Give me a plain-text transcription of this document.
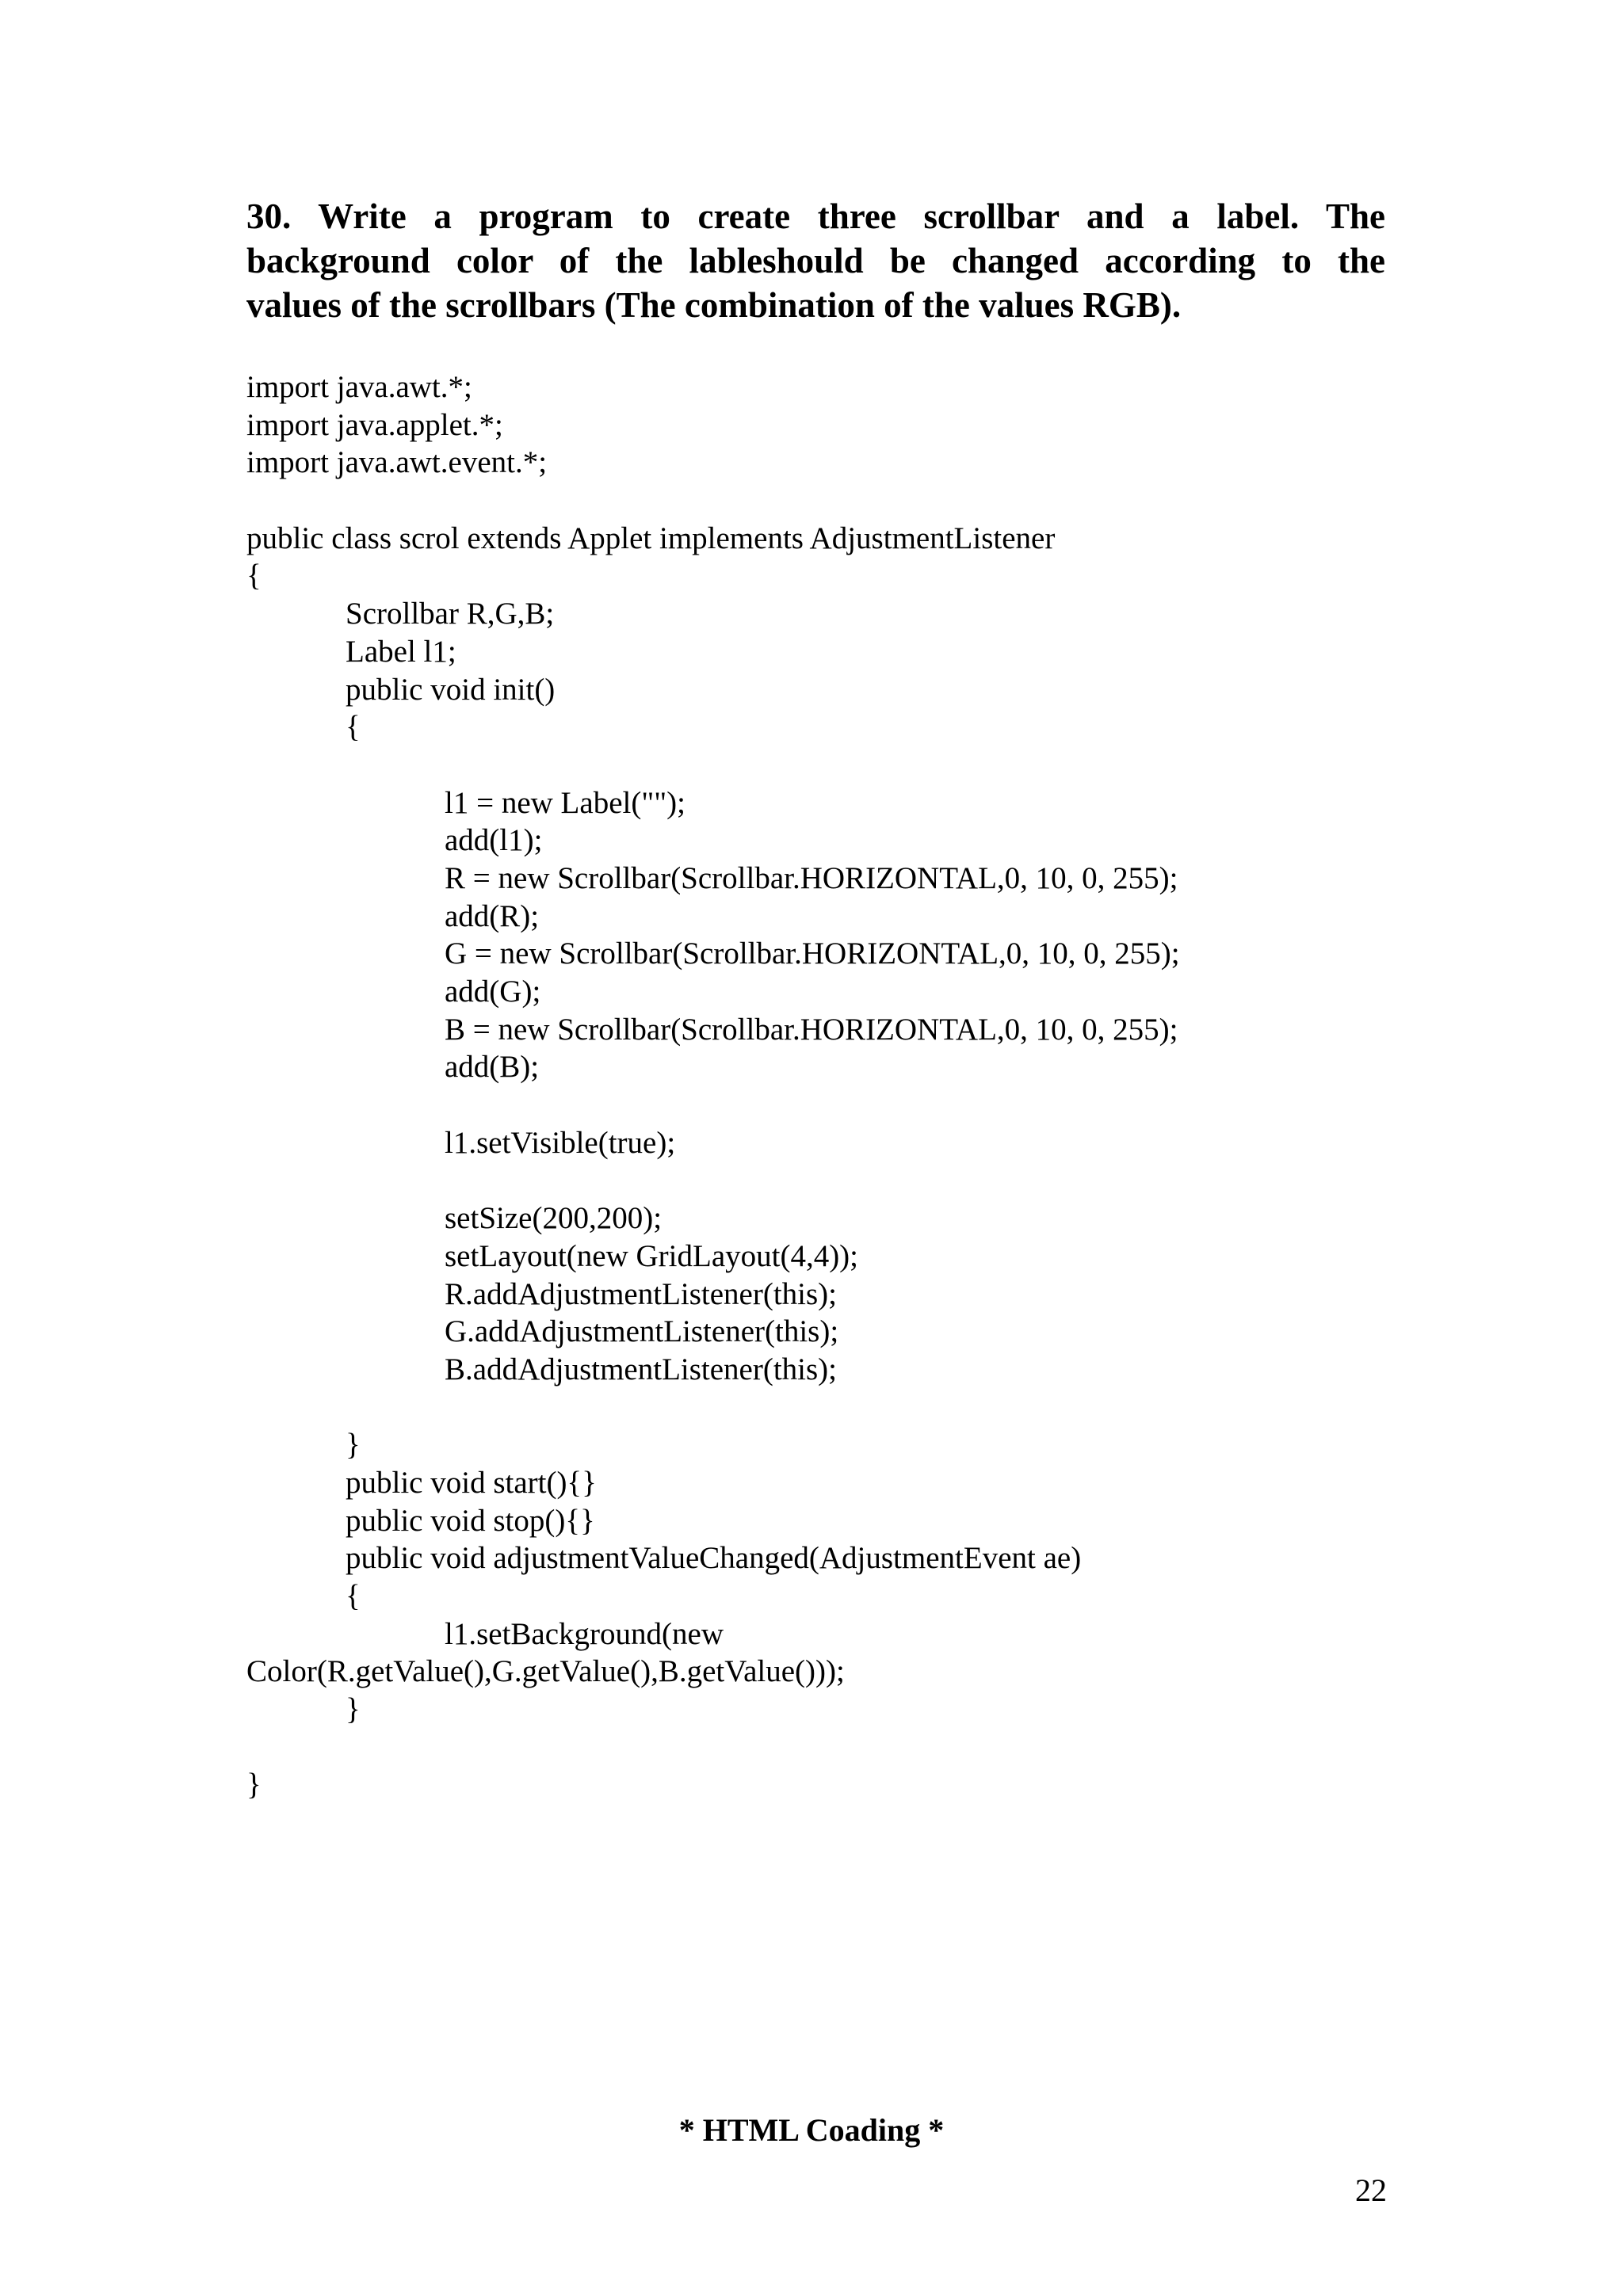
30. Write a program to create three scrollbar and a label. The
background color of the lableshould be changed according to the
values of the scrollbars (The combination of the values RGB).
import java.awt.*;
import java.applet.*;
import java.awt.event.*;
public class scrol extends Applet implements AdjustmentListener
{
Scrollbar R,G,B;
Label l1;
public void init()
{
l1 = new Label("");
add(l1);
R = new Scrollbar(Scrollbar.HORIZONTAL,0, 10, 0, 255);
add(R);
G = new Scrollbar(Scrollbar.HORIZONTAL,0, 10, 0, 255);
add(G);
B = new Scrollbar(Scrollbar.HORIZONTAL,0, 10, 0, 255);
add(B);
l1.setVisible(true);
setSize(200,200);
setLayout(new GridLayout(4,4));
R.addAdjustmentListener(this);
G.addAdjustmentListener(this);
B.addAdjustmentListener(this);
}
public void start(){}
public void stop(){}
public void adjustmentValueChanged(AdjustmentEvent ae)
{
l1.setBackground(new
Color(R.getValue(),G.getValue(),B.getValue()));
}
}
* HTML Coading *
22
